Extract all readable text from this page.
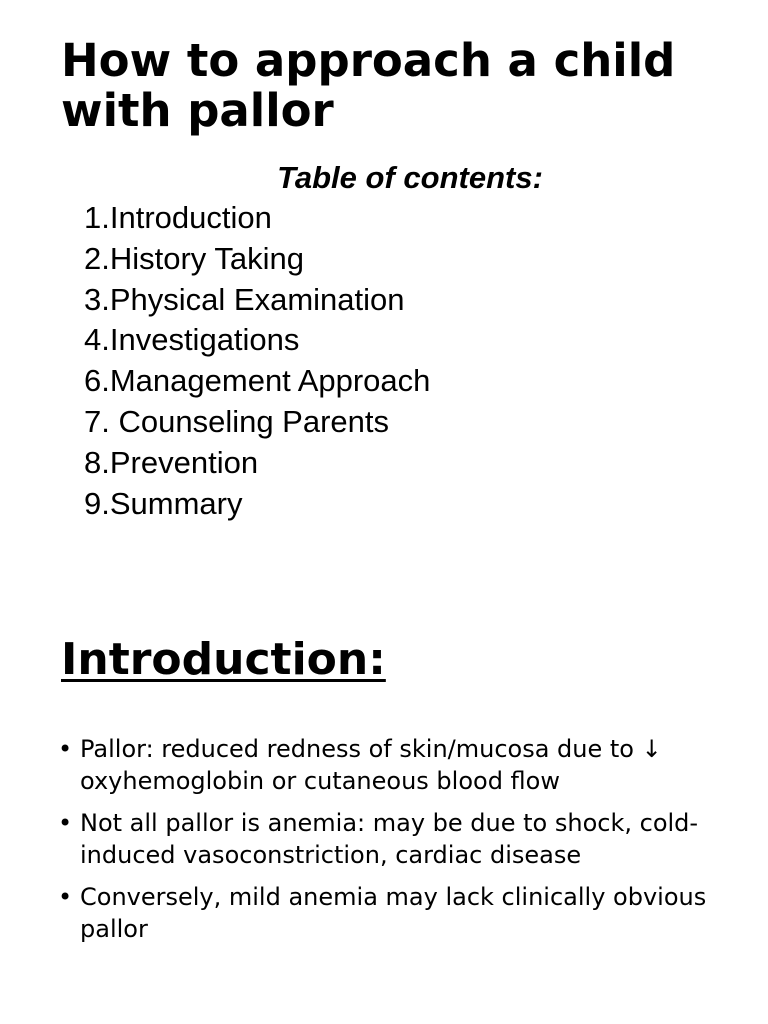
How to approach a child with pallor
Table of contents:
1.Introduction
2.History Taking
3.Physical Examination
4.Investigations
6.Management Approach
7. Counseling Parents
8.Prevention
9.Summary
Introduction:
• Pallor: reduced redness of skin/mucosa due to ↓ oxyhemoglobin or cutaneous blood flow
• Not all pallor is anemia: may be due to shock, cold-induced vasoconstriction, cardiac disease
• Conversely, mild anemia may lack clinically obvious pallor
